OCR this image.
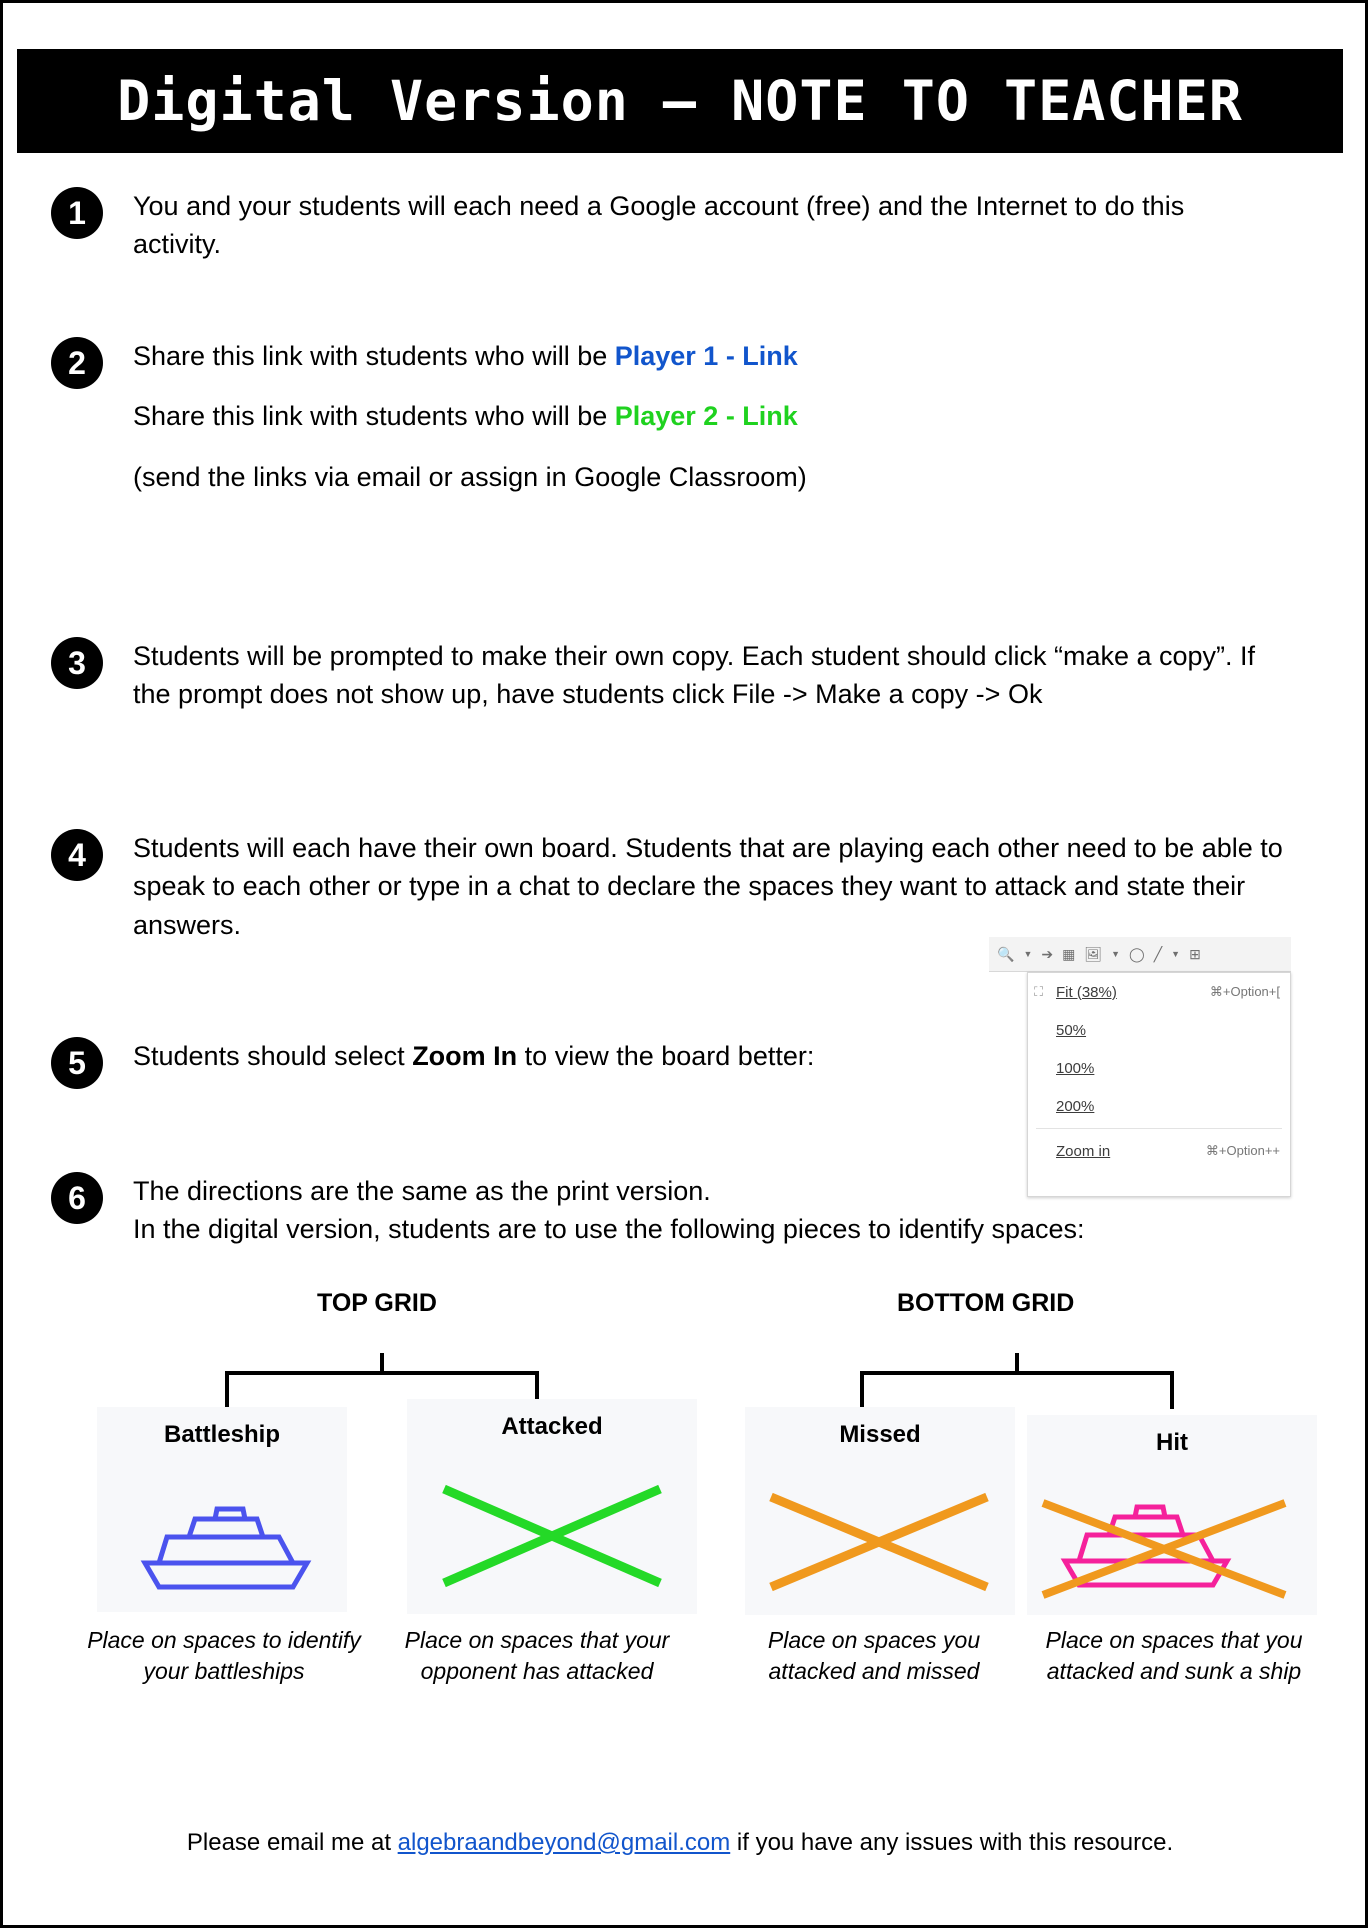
Digital Version – NOTE TO TEACHER
1	You and your students will each need a Google account (free) and the Internet to do this activity.
2	Share this link with students who will be Player 1 - Link
Share this link with students who will be Player 2 - Link
(send the links via email or assign in Google Classroom)
3	Students will be prompted to make their own copy. Each student should click “make a copy”. If the prompt does not show up, have students click File -> Make a copy -> Ok
4	Students will each have their own board. Students that are playing each other need to be able to speak to each other or type in a chat to declare the spaces they want to attack and state their answers.
5	Students should select Zoom In to view the board better:
6	The directions are the same as the print version.
In the digital version, students are to use the following pieces to identify spaces:
🔍 ▼ ➔ ▦ 🖼 ▼ ◯ ╱ ▼ ⊞
⛶ Fit (38%)	⌘+Option+[
50%
100%
200%
Zoom in	⌘+Option++
TOP GRID	BOTTOM GRID
Battleship
Place on spaces to identify your battleships
Attacked
Place on spaces that your opponent has attacked
Missed
Place on spaces you attacked and missed
Hit
Place on spaces that you attacked and sunk a ship
Please email me at algebraandbeyond@gmail.com if you have any issues with this resource.
